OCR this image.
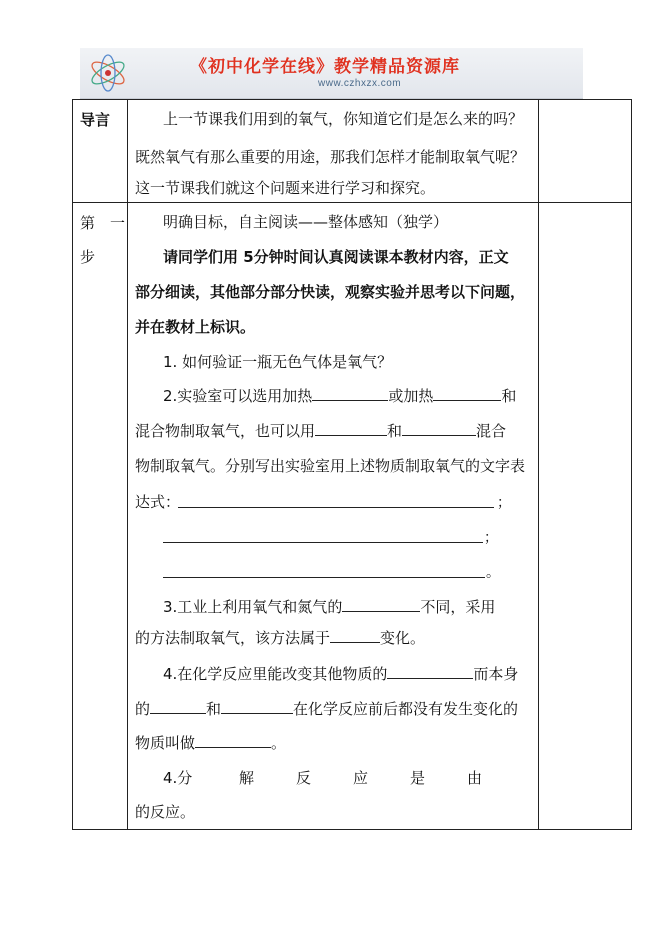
《初中化学在线》教学精品资源库
www.czhxzx.com
导言	上一节课我们用到的氧气，你知道它们是怎么来的吗？
既然氧气有那么重要的用途，那我们怎样才能制取氧气呢？
这一节课我们就这个问题来进行学习和探究。
第　一
步
明确目标，自主阅读——整体感知（独学）
请同学们用 5分钟时间认真阅读课本教材内容，正文
部分细读，其他部分部分快读，观察实验并思考以下问题，
并在教材上标识。
1. 如何验证一瓶无色气体是氧气？
2.实验室可以选用加热	或加热	和
混合物制取氧气，也可以用	和	混合
物制取氧气。分别写出实验室用上述物质制取氧气的文字表
达式：	；
；
。
3.工业上利用氧气和氮气的	不同，采用
的方法制取氧气，该方法属于	变化。
4.在化学反应里能改变其他物质的	而本身
的	和	在化学反应前后都没有发生变化的
物质叫做	。
4.分	解	反	应	是	由
的反应。
